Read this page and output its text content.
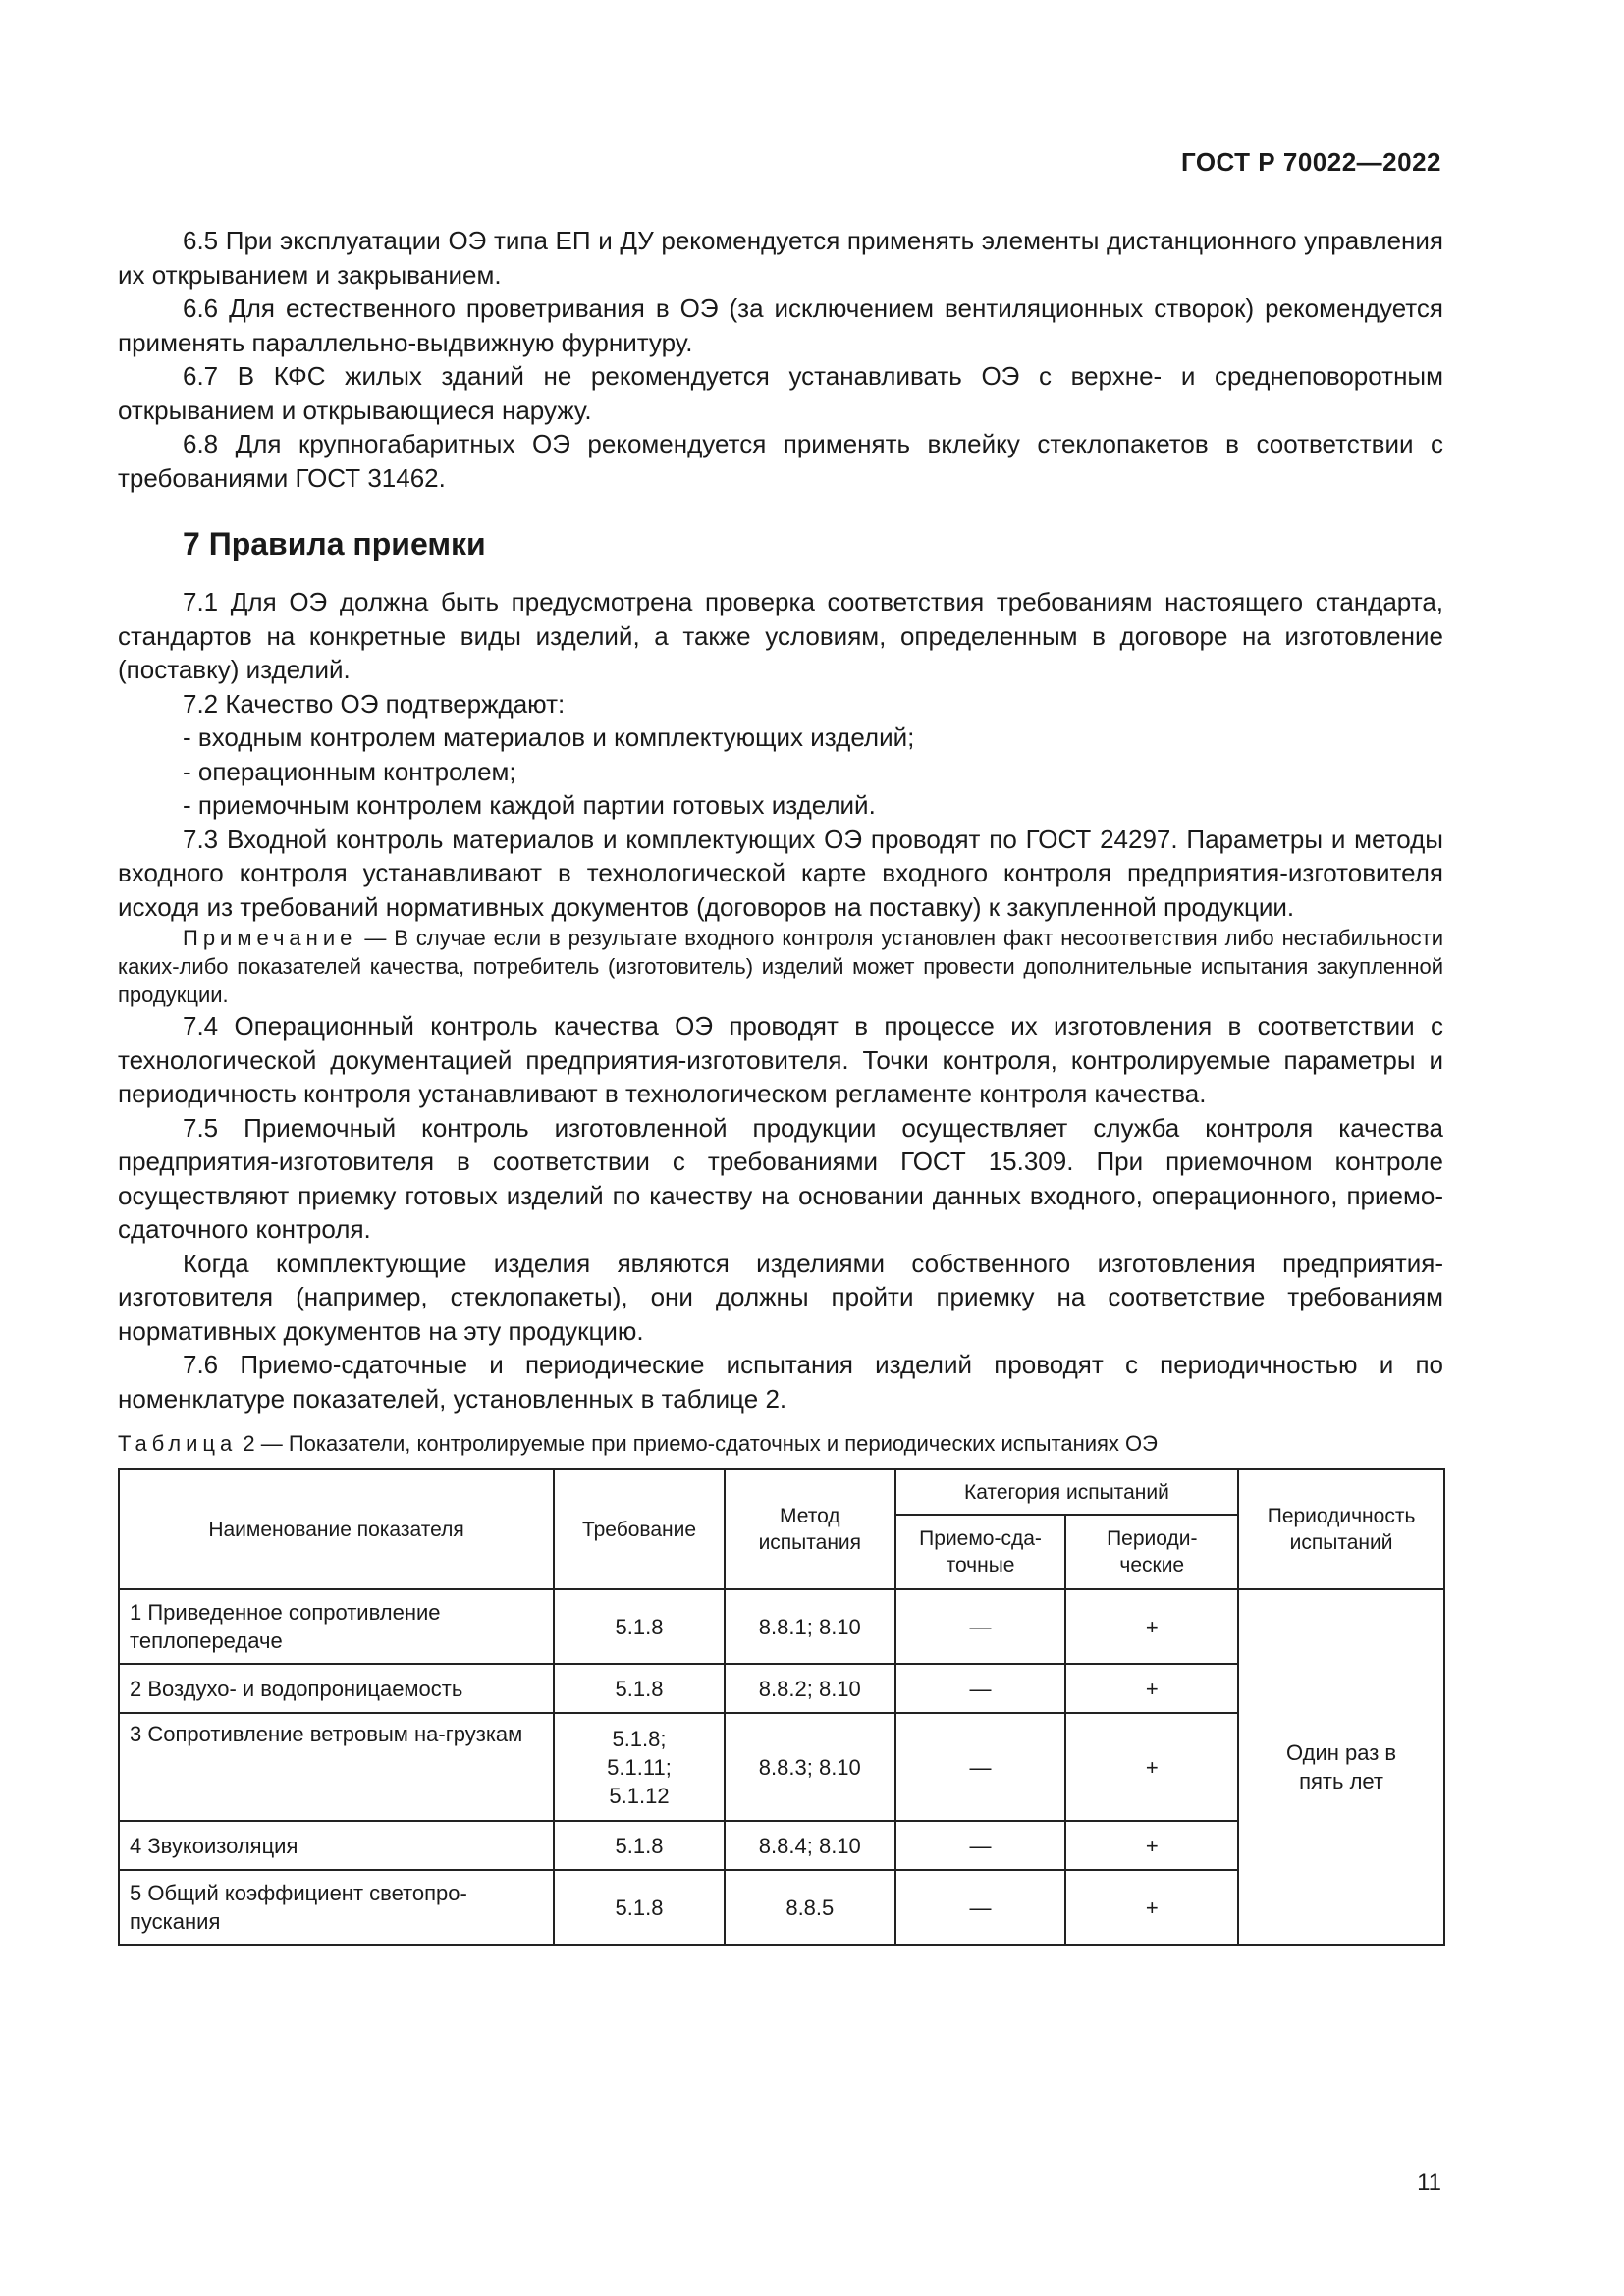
ГОСТ Р 70022—2022

6.5 При эксплуатации ОЭ типа ЕП и ДУ рекомендуется применять элементы дистанционного управления их открыванием и закрыванием.

6.6 Для естественного проветривания в ОЭ (за исключением вентиляционных створок) рекомендуется применять параллельно-выдвижную фурнитуру.

6.7 В КФС жилых зданий не рекомендуется устанавливать ОЭ с верхне- и среднеповоротным открыванием и открывающиеся наружу.

6.8 Для крупногабаритных ОЭ рекомендуется применять вклейку стеклопакетов в соответствии с требованиями ГОСТ 31462.

7 Правила приемки

7.1 Для ОЭ должна быть предусмотрена проверка соответствия требованиям настоящего стандарта, стандартов на конкретные виды изделий, а также условиям, определенным в договоре на изготовление (поставку) изделий.

7.2 Качество ОЭ подтверждают:

- входным контролем материалов и комплектующих изделий;

- операционным контролем;

- приемочным контролем каждой партии готовых изделий.

7.3 Входной контроль материалов и комплектующих ОЭ проводят по ГОСТ 24297. Параметры и методы входного контроля устанавливают в технологической карте входного контроля предприятия-изготовителя исходя из требований нормативных документов (договоров на поставку) к закупленной продукции.

Примечание — В случае если в результате входного контроля установлен факт несоответствия либо нестабильности каких-либо показателей качества, потребитель (изготовитель) изделий может провести дополнительные испытания закупленной продукции.

7.4 Операционный контроль качества ОЭ проводят в процессе их изготовления в соответствии с технологической документацией предприятия-изготовителя. Точки контроля, контролируемые параметры и периодичность контроля устанавливают в технологическом регламенте контроля качества.

7.5 Приемочный контроль изготовленной продукции осуществляет служба контроля качества предприятия-изготовителя в соответствии с требованиями ГОСТ 15.309. При приемочном контроле осуществляют приемку готовых изделий по качеству на основании данных входного, операционного, приемо-сдаточного контроля.

Когда комплектующие изделия являются изделиями собственного изготовления предприятия-изготовителя (например, стеклопакеты), они должны пройти приемку на соответствие требованиям нормативных документов на эту продукцию.

7.6 Приемо-сдаточные и периодические испытания изделий проводят с периодичностью и по номенклатуре показателей, установленных в таблице 2.

Таблица 2 — Показатели, контролируемые при приемо-сдаточных и периодических испытаниях ОЭ
Наименование показателя	Требование	Метод испытания	Категория испытаний		Периодичность испытаний
			Приемо-сда-точные	Периоди-ческие	
1 Приведенное сопротивление теплопередаче	5.1.8	8.8.1; 8.10	—	+	Один раз в пять лет
2 Воздухо- и водопроницаемость	5.1.8	8.8.2; 8.10	—	+	
3 Сопротивление ветровым на-грузкам	5.1.8; 5.1.11; 5.1.12	8.8.3; 8.10	—	+	
4 Звукоизоляция	5.1.8	8.8.4; 8.10	—	+	
5 Общий коэффициент светопро-пускания	5.1.8	8.8.5	—	+	
11
